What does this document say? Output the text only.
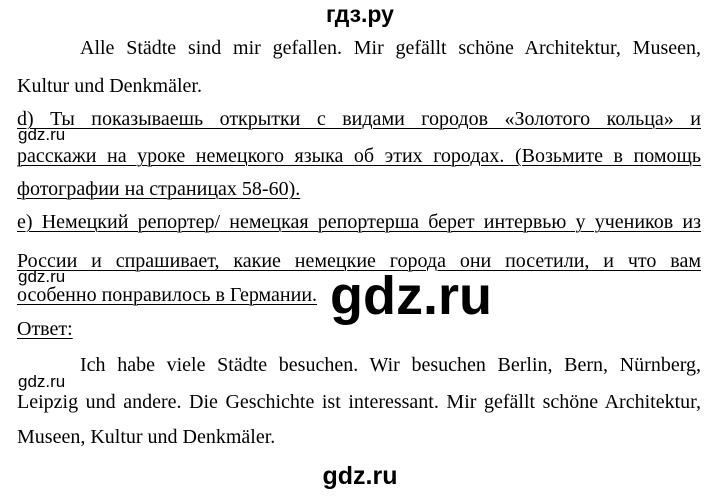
гдз.ру
Alle Städte sind mir gefallen. Mir gefällt schöne Architektur, Museen,
Kultur und Denkmäler.
d) Ты показываешь открытки с видами городов «Золотого кольца» и
gdz.ru
расскажи на уроке немецкого языка об этих городах. (Возьмите в помощь
фотографии на страницах 58-60).
e) Немецкий репортер/ немецкая репортерша берет интервью у учеников из
России и спрашивает, какие немецкие города они посетили, и что вам
gdz.ru
особенно понравилось в Германии. gdz.ru
Ответ:
Ich habe viele Städte besuchen. Wir besuchen Berlin, Bern, Nürnberg,
gdz.ru
Leipzig und andere. Die Geschichte ist interessant. Mir gefällt schöne Architektur,
Museen, Kultur und Denkmäler.
gdz.ru
